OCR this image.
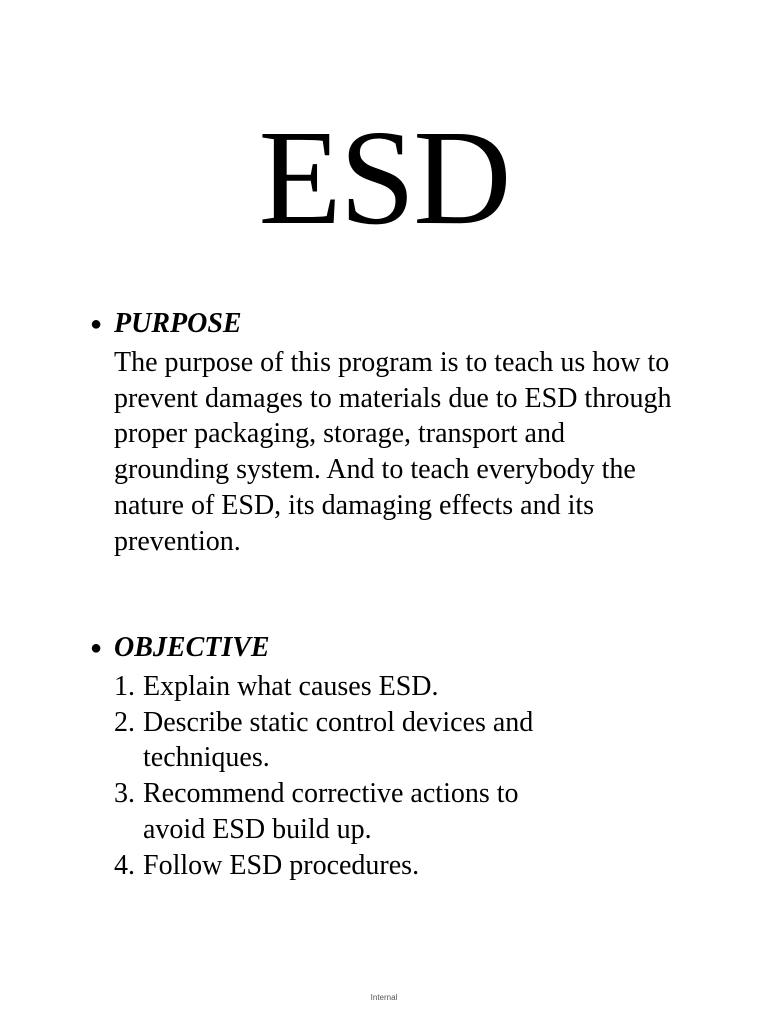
ESD
● PURPOSE
The purpose of this program is to teach us how to prevent damages to materials due to ESD through proper packaging, storage, transport and grounding system. And to teach everybody the nature of ESD, its damaging effects and its prevention.
● OBJECTIVE
1. Explain what causes ESD.
2. Describe static control devices and techniques.
3. Recommend corrective actions to avoid ESD build up.
4. Follow ESD procedures.
Internal
